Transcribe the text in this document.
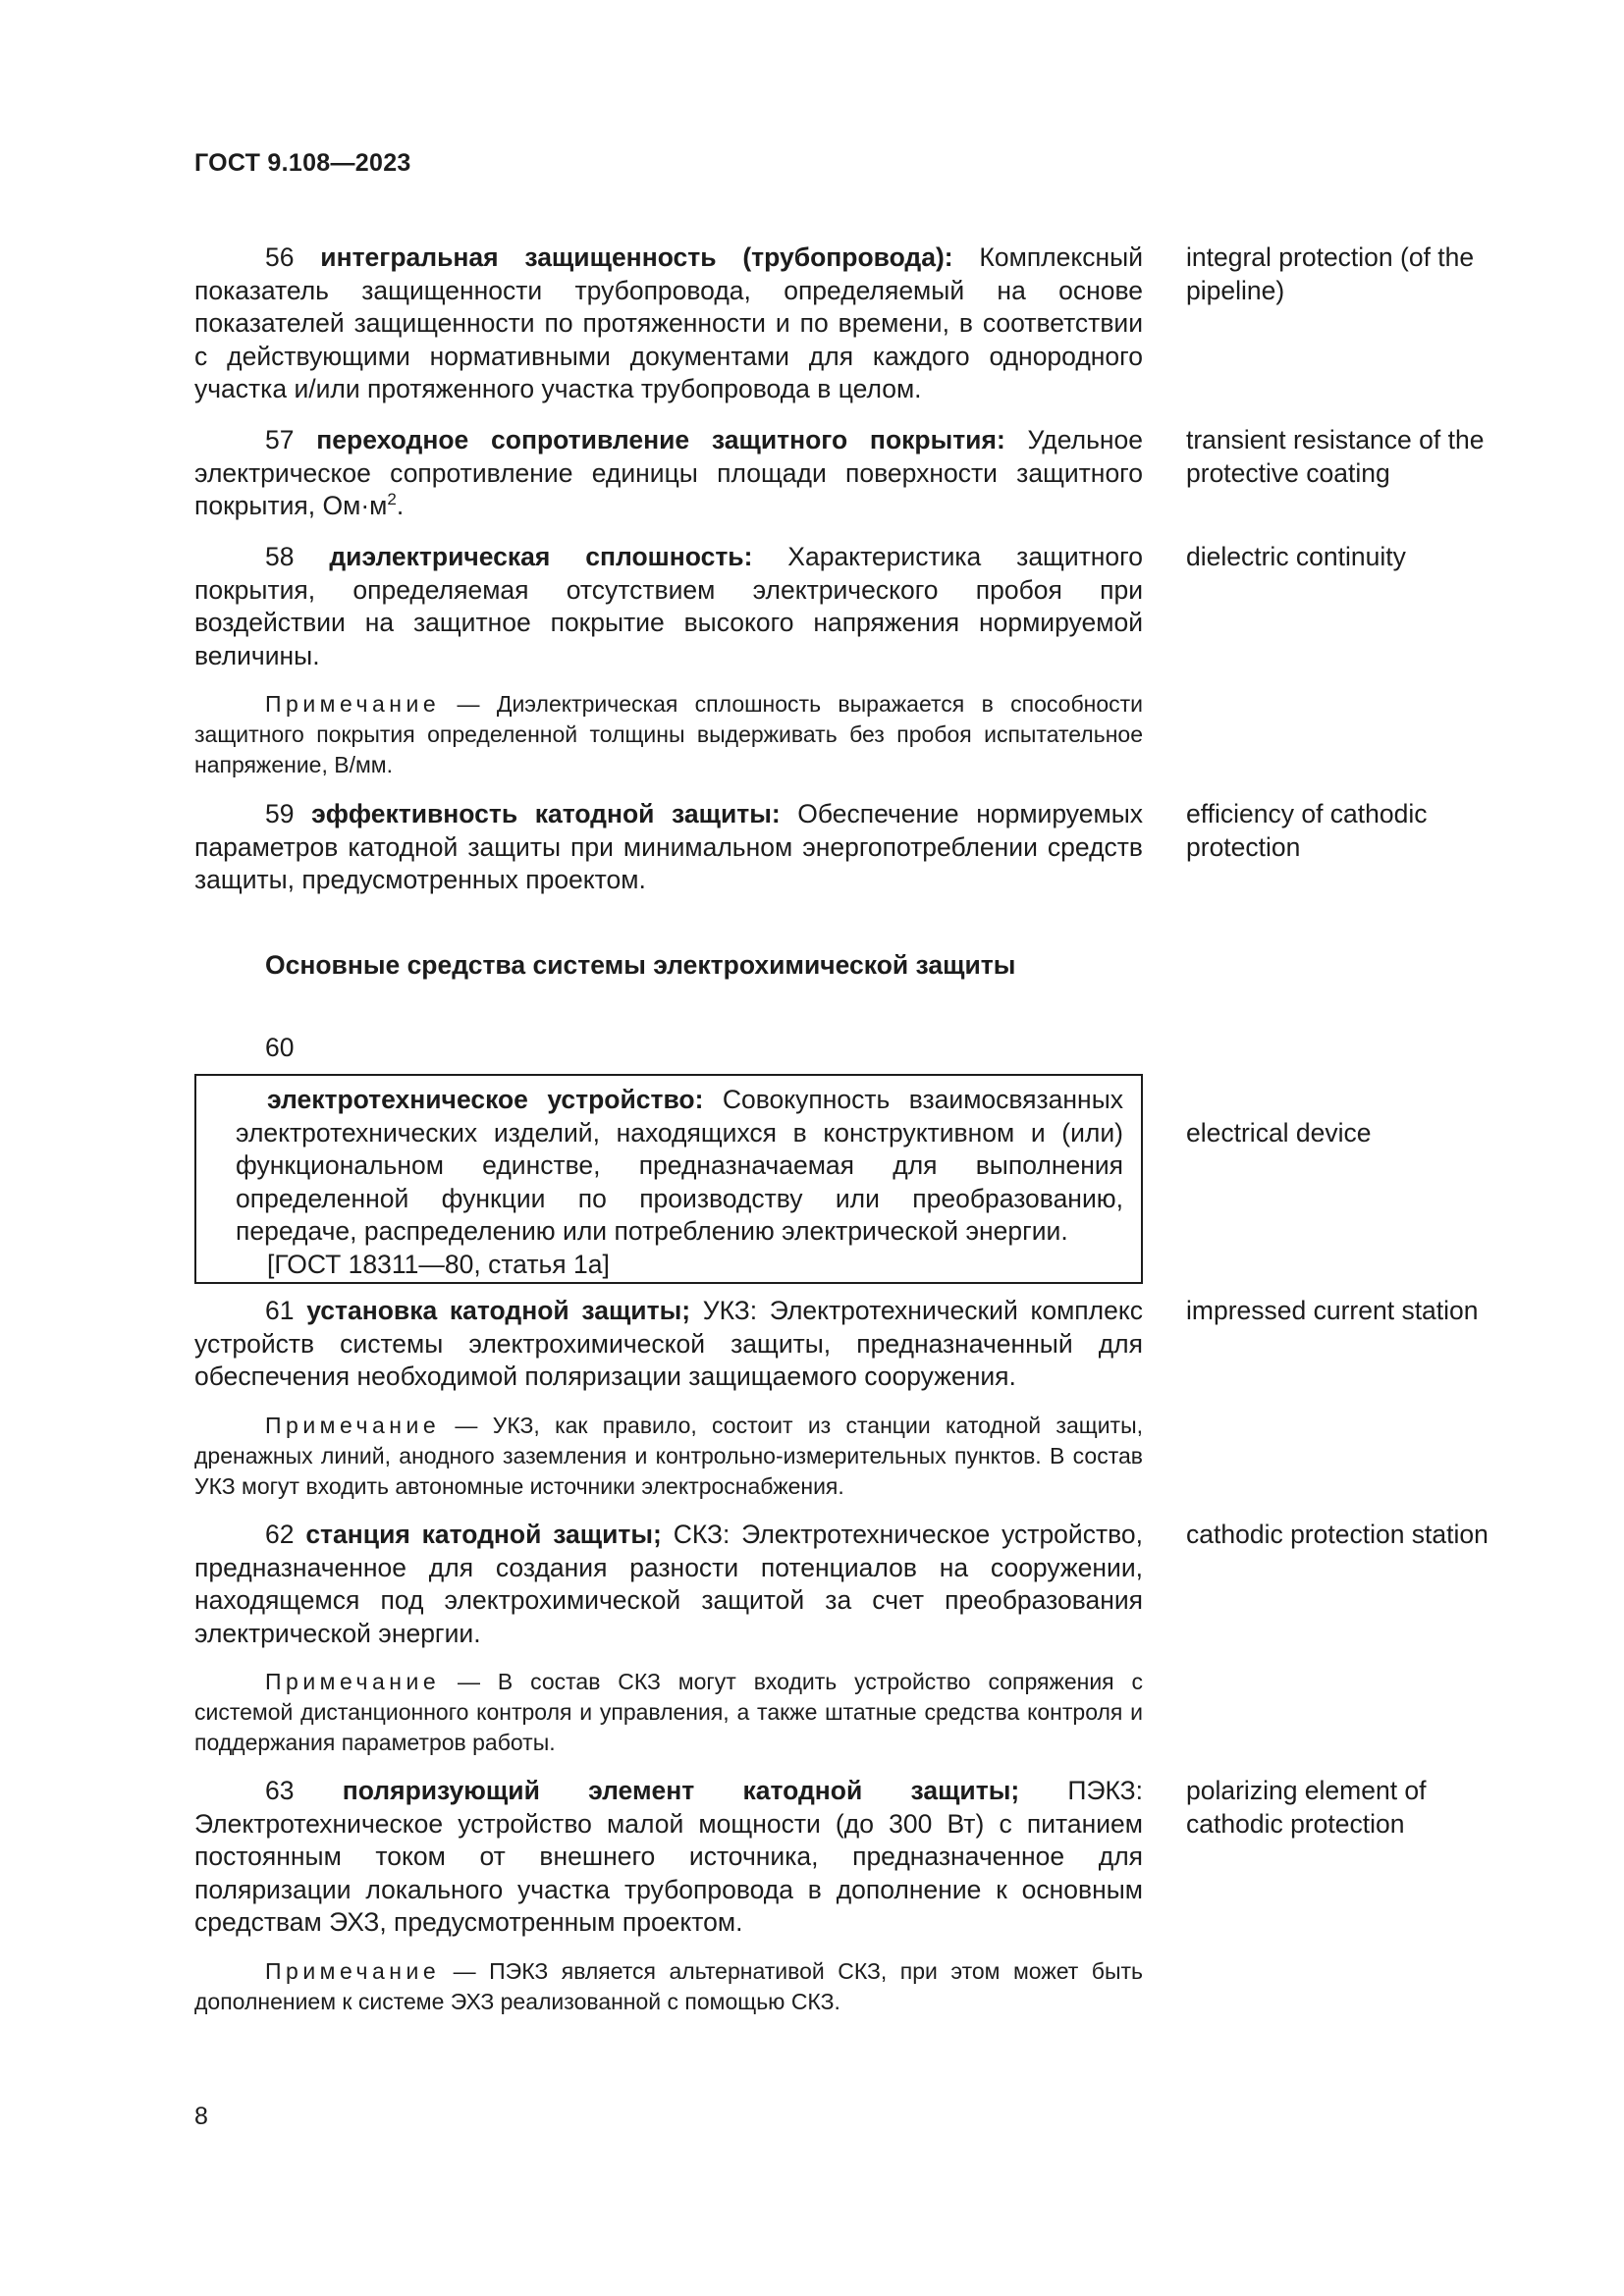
ГОСТ 9.108—2023
56 интегральная защищенность (трубопровода): Комплексный показатель защищенности трубопровода, определяемый на основе показателей защищенности по протяженности и по времени, в соответствии с действующими нормативными документами для каждого однородного участка и/или протяженного участка трубопровода в целом.
integral protection (of the pipeline)
57 переходное сопротивление защитного покрытия: Удельное электрическое сопротивление единицы площади поверхности защитного покрытия, $Ом\cdot м^2$.
transient resistance of the protective coating
58 диэлектрическая сплошность: Характеристика защитного покрытия, определяемая отсутствием электрического пробоя при воздействии на защитное покрытие высокого напряжения нормируемой величины.
dielectric continuity
Примечание — Диэлектрическая сплошность выражается в способности защитного покрытия определенной толщины выдерживать без пробоя испытательное напряжение, В/мм.
59 эффективность катодной защиты: Обеспечение нормируемых параметров катодной защиты при минимальном энергопотреблении средств защиты, предусмотренных проектом.
efficiency of cathodic protection
Основные средства системы электрохимической защиты
60
электротехническое устройство: Совокупность взаимосвязанных электротехнических изделий, находящихся в конструктивном и (или) функциональном единстве, предназначаемая для выполнения определенной функции по производству или преобразованию, передаче, распределению или потреблению электрической энергии.
[ГОСТ 18311—80, статья 1а]
electrical device
61 установка катодной защиты; УКЗ: Электротехнический комплекс устройств системы электрохимической защиты, предназначенный для обеспечения необходимой поляризации защищаемого сооружения.
impressed current station
Примечание — УКЗ, как правило, состоит из станции катодной защиты, дренажных линий, анодного заземления и контрольно-измерительных пунктов. В состав УКЗ могут входить автономные источники электроснабжения.
62 станция катодной защиты; СКЗ: Электротехническое устройство, предназначенное для создания разности потенциалов на сооружении, находящемся под электрохимической защитой за счет преобразования электрической энергии.
cathodic protection station
Примечание — В состав СКЗ могут входить устройство сопряжения с системой дистанционного контроля и управления, а также штатные средства контроля и поддержания параметров работы.
63 поляризующий элемент катодной защиты; ПЭКЗ: Электротехническое устройство малой мощности (до 300 Вт) с питанием постоянным током от внешнего источника, предназначенное для поляризации локального участка трубопровода в дополнение к основным средствам ЭХЗ, предусмотренным проектом.
polarizing element of cathodic protection
Примечание — ПЭКЗ является альтернативой СКЗ, при этом может быть дополнением к системе ЭХЗ реализованной с помощью СКЗ.
8
